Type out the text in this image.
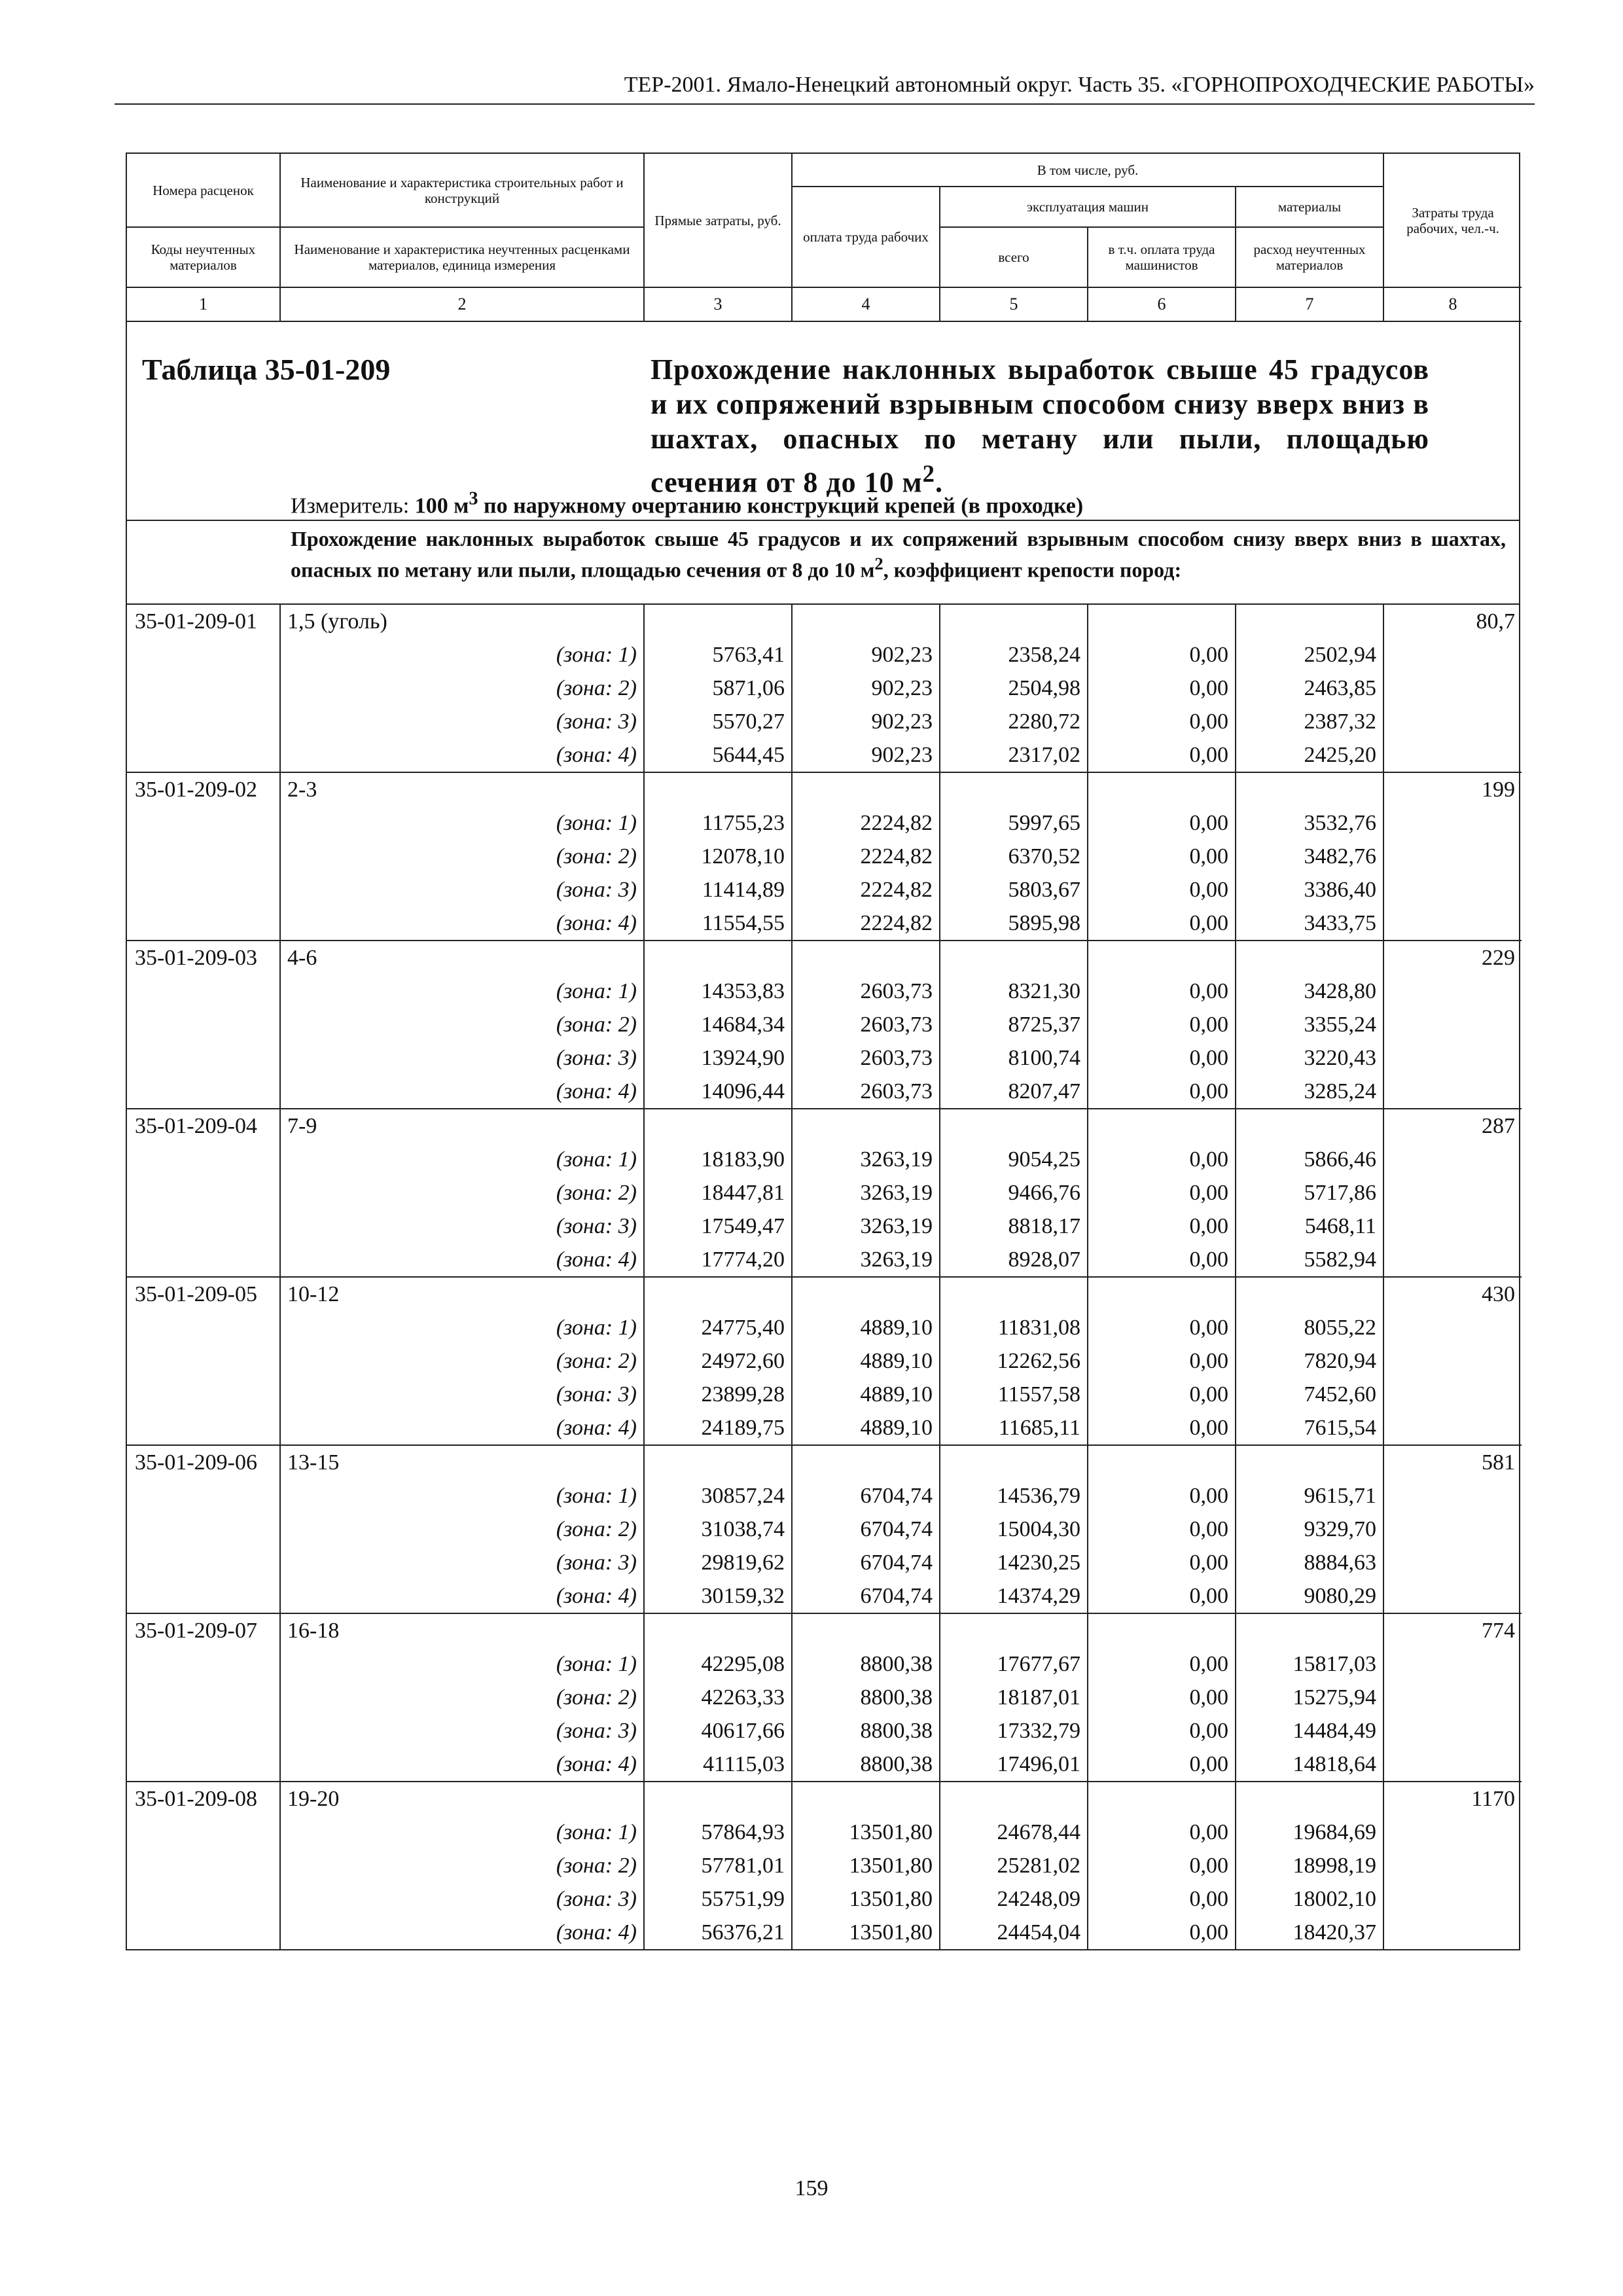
ТЕР-2001. Ямало-Ненецкий автономный округ. Часть 35. «ГОРНОПРОХОДЧЕСКИЕ РАБОТЫ»
Номера расценок	Наименование и характеристика строительных работ и конструкций	Прямые затраты, руб.	В том числе, руб.				Затраты труда рабочих, чел.-ч.
			оплата труда рабочих	эксплуатация машин		материалы	
Коды неучтенных материалов	Наименование и характеристика неучтенных расценками материалов, единица измерения			всего	в т.ч. оплата труда машинистов	расход неучтенных материалов	
1	2	3	4	5	6	7	8
Таблица 35-01-209	Прохождение наклонных выработок свыше 45 градусов и их сопряжений взрывным способом снизу вверх вниз в шахтах, опасных по метану или пыли, площадью сечения от 8 до 10 $м^2$.
Измеритель: 100 $м^3$ по наружному очертанию конструкций крепей (в проходке)
Прохождение наклонных выработок свыше 45 градусов и их сопряжений взрывным способом снизу вверх вниз в шахтах, опасных по метану или пыли, площадью сечения от 8 до 10 $м^2$, коэффициент крепости пород:
35-01-209-01	1,5 (уголь)						80,7
	(зона: 1)	5763,41	902,23	2358,24	0,00	2502,94	
	(зона: 2)	5871,06	902,23	2504,98	0,00	2463,85	
	(зона: 3)	5570,27	902,23	2280,72	0,00	2387,32	
	(зона: 4)	5644,45	902,23	2317,02	0,00	2425,20	
35-01-209-02	2-3						199
	(зона: 1)	11755,23	2224,82	5997,65	0,00	3532,76	
	(зона: 2)	12078,10	2224,82	6370,52	0,00	3482,76	
	(зона: 3)	11414,89	2224,82	5803,67	0,00	3386,40	
	(зона: 4)	11554,55	2224,82	5895,98	0,00	3433,75	
35-01-209-03	4-6						229
	(зона: 1)	14353,83	2603,73	8321,30	0,00	3428,80	
	(зона: 2)	14684,34	2603,73	8725,37	0,00	3355,24	
	(зона: 3)	13924,90	2603,73	8100,74	0,00	3220,43	
	(зона: 4)	14096,44	2603,73	8207,47	0,00	3285,24	
35-01-209-04	7-9						287
	(зона: 1)	18183,90	3263,19	9054,25	0,00	5866,46	
	(зона: 2)	18447,81	3263,19	9466,76	0,00	5717,86	
	(зона: 3)	17549,47	3263,19	8818,17	0,00	5468,11	
	(зона: 4)	17774,20	3263,19	8928,07	0,00	5582,94	
35-01-209-05	10-12						430
	(зона: 1)	24775,40	4889,10	11831,08	0,00	8055,22	
	(зона: 2)	24972,60	4889,10	12262,56	0,00	7820,94	
	(зона: 3)	23899,28	4889,10	11557,58	0,00	7452,60	
	(зона: 4)	24189,75	4889,10	11685,11	0,00	7615,54	
35-01-209-06	13-15						581
	(зона: 1)	30857,24	6704,74	14536,79	0,00	9615,71	
	(зона: 2)	31038,74	6704,74	15004,30	0,00	9329,70	
	(зона: 3)	29819,62	6704,74	14230,25	0,00	8884,63	
	(зона: 4)	30159,32	6704,74	14374,29	0,00	9080,29	
35-01-209-07	16-18						774
	(зона: 1)	42295,08	8800,38	17677,67	0,00	15817,03	
	(зона: 2)	42263,33	8800,38	18187,01	0,00	15275,94	
	(зона: 3)	40617,66	8800,38	17332,79	0,00	14484,49	
	(зона: 4)	41115,03	8800,38	17496,01	0,00	14818,64	
35-01-209-08	19-20						1170
	(зона: 1)	57864,93	13501,80	24678,44	0,00	19684,69	
	(зона: 2)	57781,01	13501,80	25281,02	0,00	18998,19	
	(зона: 3)	55751,99	13501,80	24248,09	0,00	18002,10	
	(зона: 4)	56376,21	13501,80	24454,04	0,00	18420,37	
159
